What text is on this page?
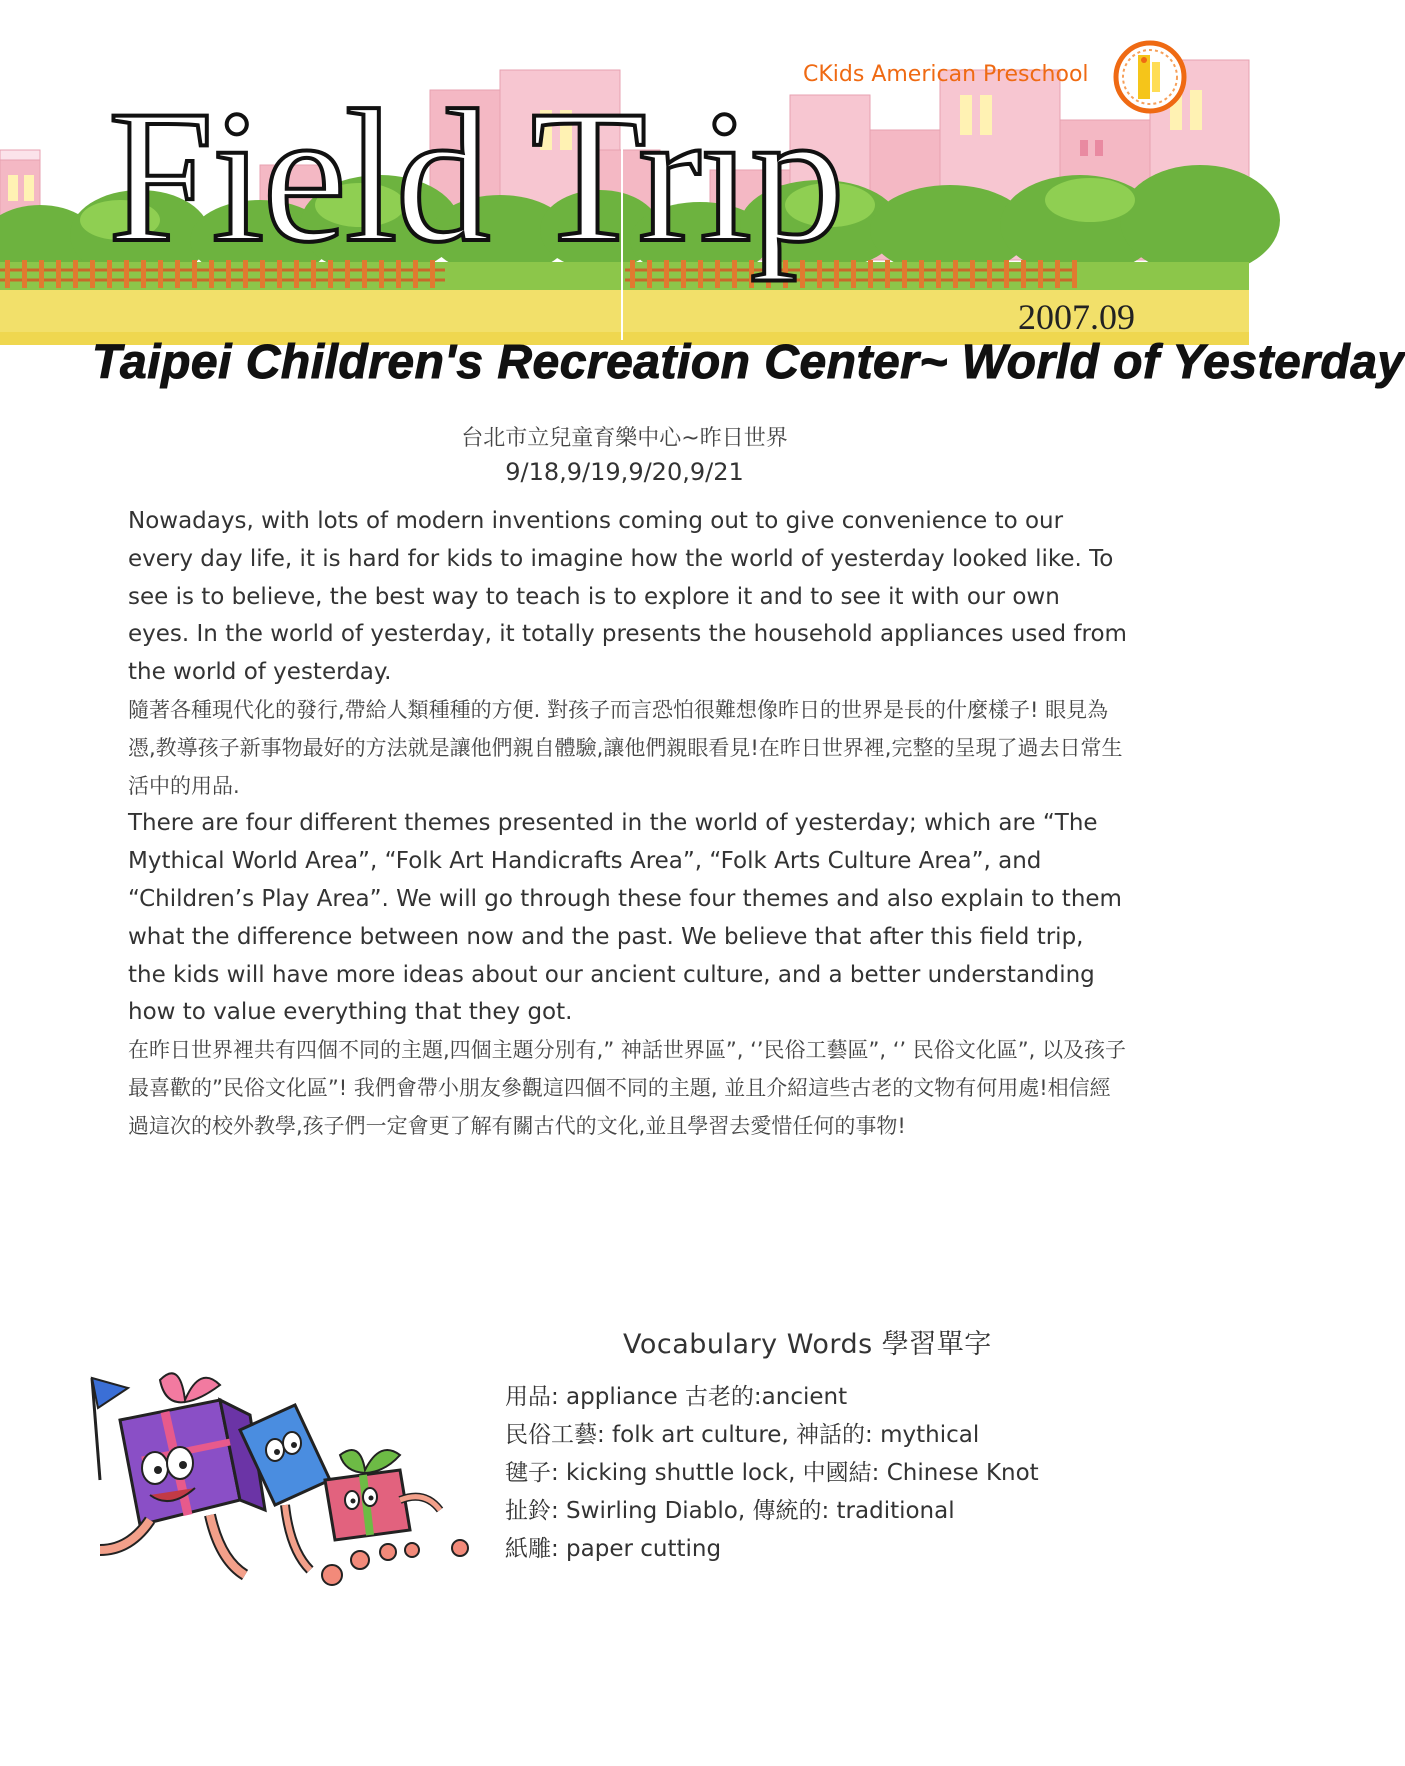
Field Trip
CKids American Preschool
2007.09
Taipei Children's Recreation Center~ World of Yesterday
台北市立兒童育樂中心~昨日世界
9/18,9/19,9/20,9/21

Nowadays, with lots of modern inventions coming out to give convenience to our every day life, it is hard for kids to imagine how the world of yesterday looked like. To see is to believe, the best way to teach is to explore it and to see it with our own eyes. In the world of yesterday, it totally presents the household appliances used from the world of yesterday.

隨著各種現代化的發行,帶給人類種種的方便. 對孩子而言恐怕很難想像昨日的世界是長的什麼樣子! 眼見為憑,教導孩子新事物最好的方法就是讓他們親自體驗,讓他們親眼看見!在昨日世界裡,完整的呈現了過去日常生活中的用品.

There are four different themes presented in the world of yesterday; which are “The Mythical World Area”, “Folk Art Handicrafts Area”, “Folk Arts Culture Area”, and “Children’s Play Area”. We will go through these four themes and also explain to them what the difference between now and the past. We believe that after this field trip, the kids will have more ideas about our ancient culture, and a better understanding how to value everything that they got.

在昨日世界裡共有四個不同的主題,四個主題分別有,” 神話世界區”, ‘’民俗工藝區”, ‘’ 民俗文化區”, 以及孩子最喜歡的”民俗文化區”! 我們會帶小朋友參觀這四個不同的主題, 並且介紹這些古老的文物有何用處!相信經過這次的校外教學,孩子們一定會更了解有關古代的文化,並且學習去愛惜任何的事物!

Vocabulary Words 學習單字
用品: appliance 古老的:ancient
民俗工藝: folk art culture, 神話的: mythical
毽子: kicking shuttle lock, 中國結: Chinese Knot
扯鈴: Swirling Diablo, 傳統的: traditional
紙雕: paper cutting
